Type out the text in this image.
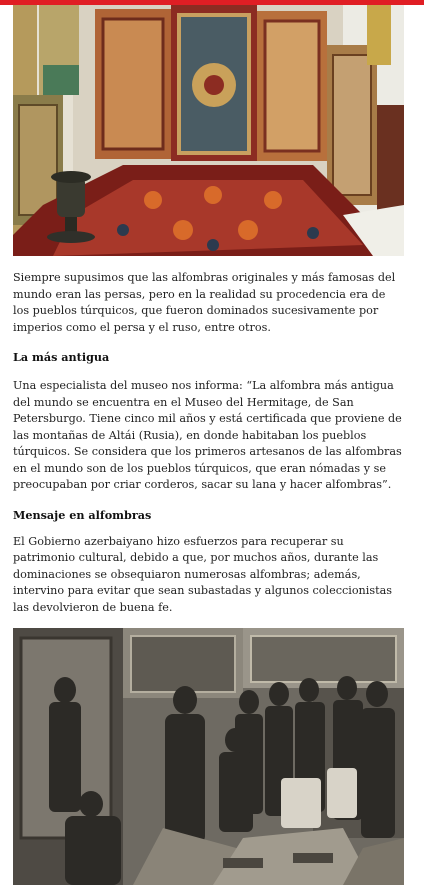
Siempre supusimos que las alfombras originales y más famosas del mundo eran las persas, pero en la realidad su procedencia era de los pueblos túrquicos, que fueron dominados sucesivamente por imperios como el persa y el ruso, entre otros.

La más antigua

Una especialista del museo nos informa: “La alfombra más antigua del mundo se encuentra en el Museo del Hermitage, de San Petersburgo. Tiene cinco mil años y está certificada que proviene de las montañas de Altái (Rusia), en donde habitaban los pueblos túrquicos. Se considera que los primeros artesanos de las alfombras en el mundo son de los pueblos túrquicos, que eran nómadas y se preocupaban por criar corderos, sacar su lana y hacer alfombras”.

Mensaje en alfombras

El Gobierno azerbaiyano hizo esfuerzos para recuperar su patrimonio cultural, debido a que, por muchos años, durante las dominaciones se obsequiaron numerosas alfombras; además, intervino para evitar que sean subastadas y algunos coleccionistas las devolvieron de buena fe.
